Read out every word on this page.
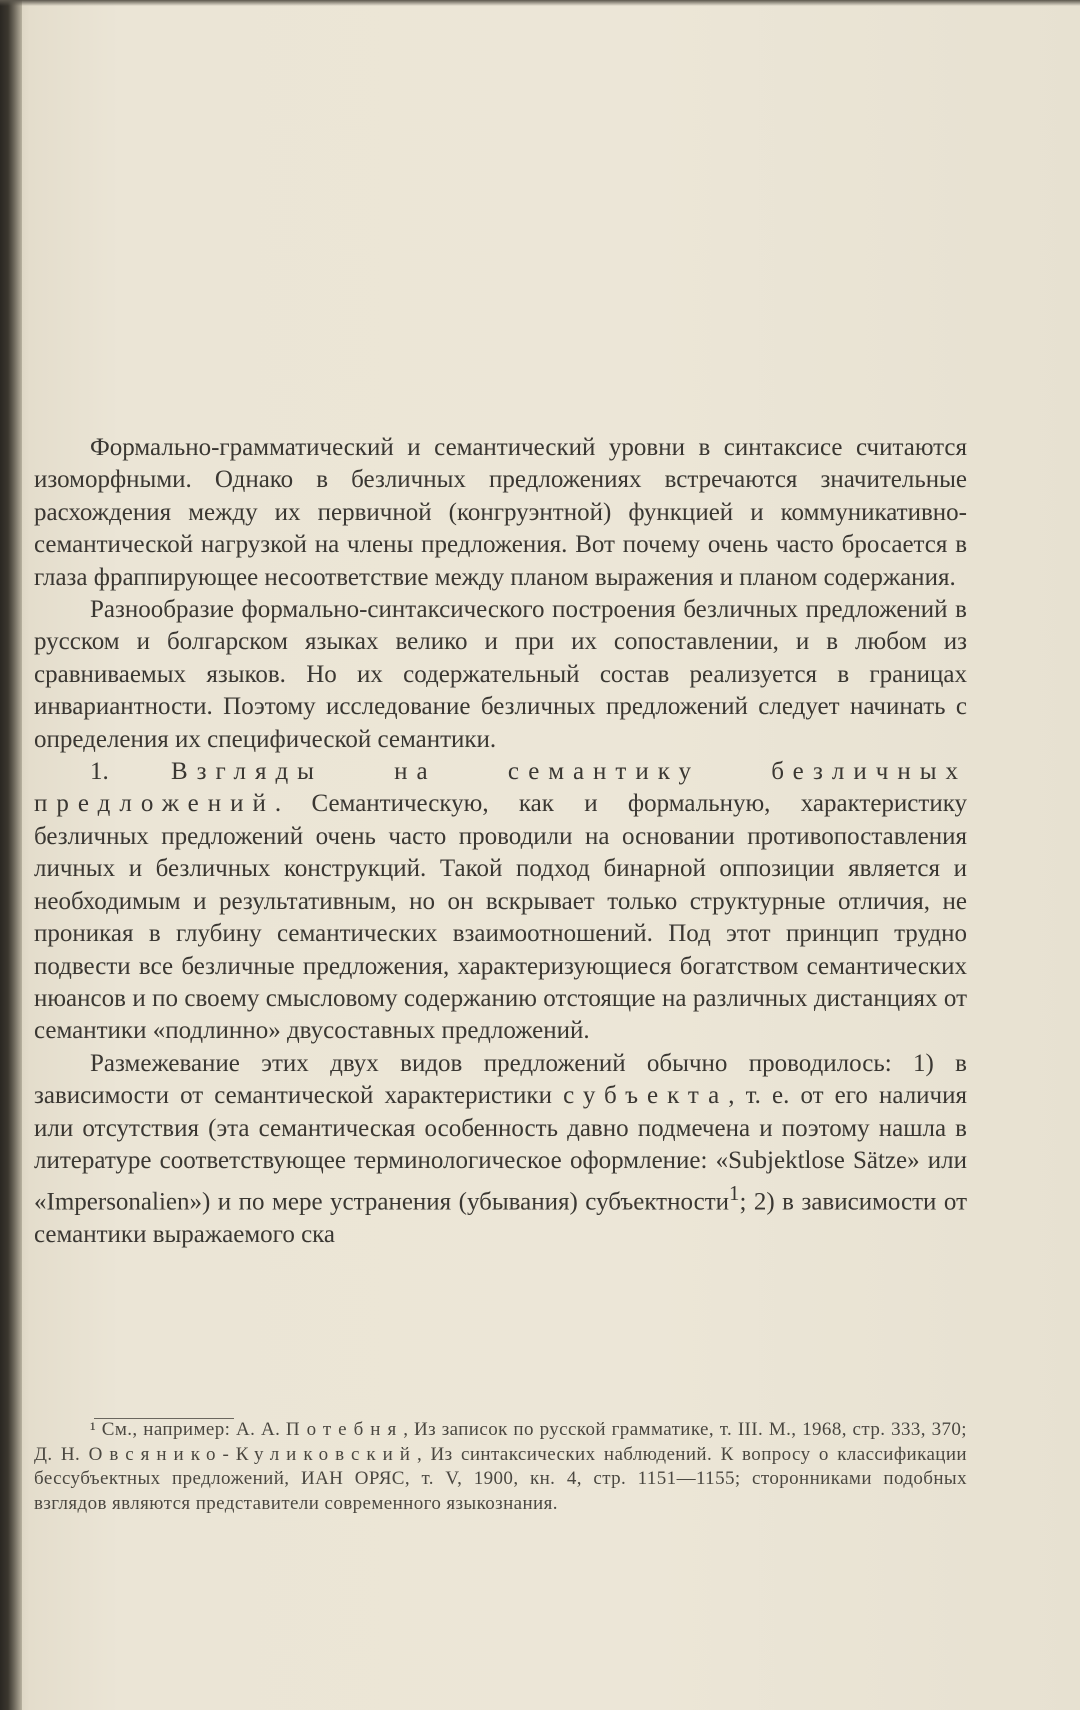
Формально-грамматический и семантический уровни в синтаксисе считаются изоморфными. Однако в безличных предложениях встречаются значительные расхождения между их первичной (конгруэнтной) функцией и коммуникативно-семантической нагрузкой на члены предложения. Вот почему очень часто бросается в глаза фраппирующее несоответствие между планом выражения и планом содержания.

Разнообразие формально-синтаксического построения безличных предложений в русском и болгарском языках велико и при их сопоставлении, и в любом из сравниваемых языков. Но их содержательный состав реализуется в границах инвариантности. Поэтому исследование безличных предложений следует начинать с определения их специфической семантики.

1. Взгляды на семантику безличных предложений. Семантическую, как и формальную, характеристику безличных предложений очень часто проводили на основании противопоставления личных и безличных конструкций. Такой подход бинарной оппозиции является и необходимым и результативным, но он вскрывает только структурные отличия, не проникая в глубину семантических взаимоотношений. Под этот принцип трудно подвести все безличные предложения, характеризующиеся богатством семантических нюансов и по своему смысловому содержанию отстоящие на различных дистанциях от семантики «подлинно» двусоставных предложений.

Размежевание этих двух видов предложений обычно проводилось: 1) в зависимости от семантической характеристики субъекта, т. е. от его наличия или отсутствия (эта семантическая особенность давно подмечена и поэтому нашла в литературе соответствующее терминологическое оформление: «Subjektlose Sätze» или «Impersonalien») и по мере устранения (убывания) субъектности$^1$; 2) в зависимости от семантики выражаемого ска

¹ См., например: А. А. Потебня, Из записок по русской грамматике, т. III. М., 1968, стр. 333, 370; Д. Н. Овсянико-Куликовский, Из синтаксических наблюдений. К вопросу о классификации бессубъектных предложений, ИАН ОРЯС, т. V, 1900, кн. 4, стр. 1151—1155; сторонниками подобных взглядов являются представители современного языкознания.
